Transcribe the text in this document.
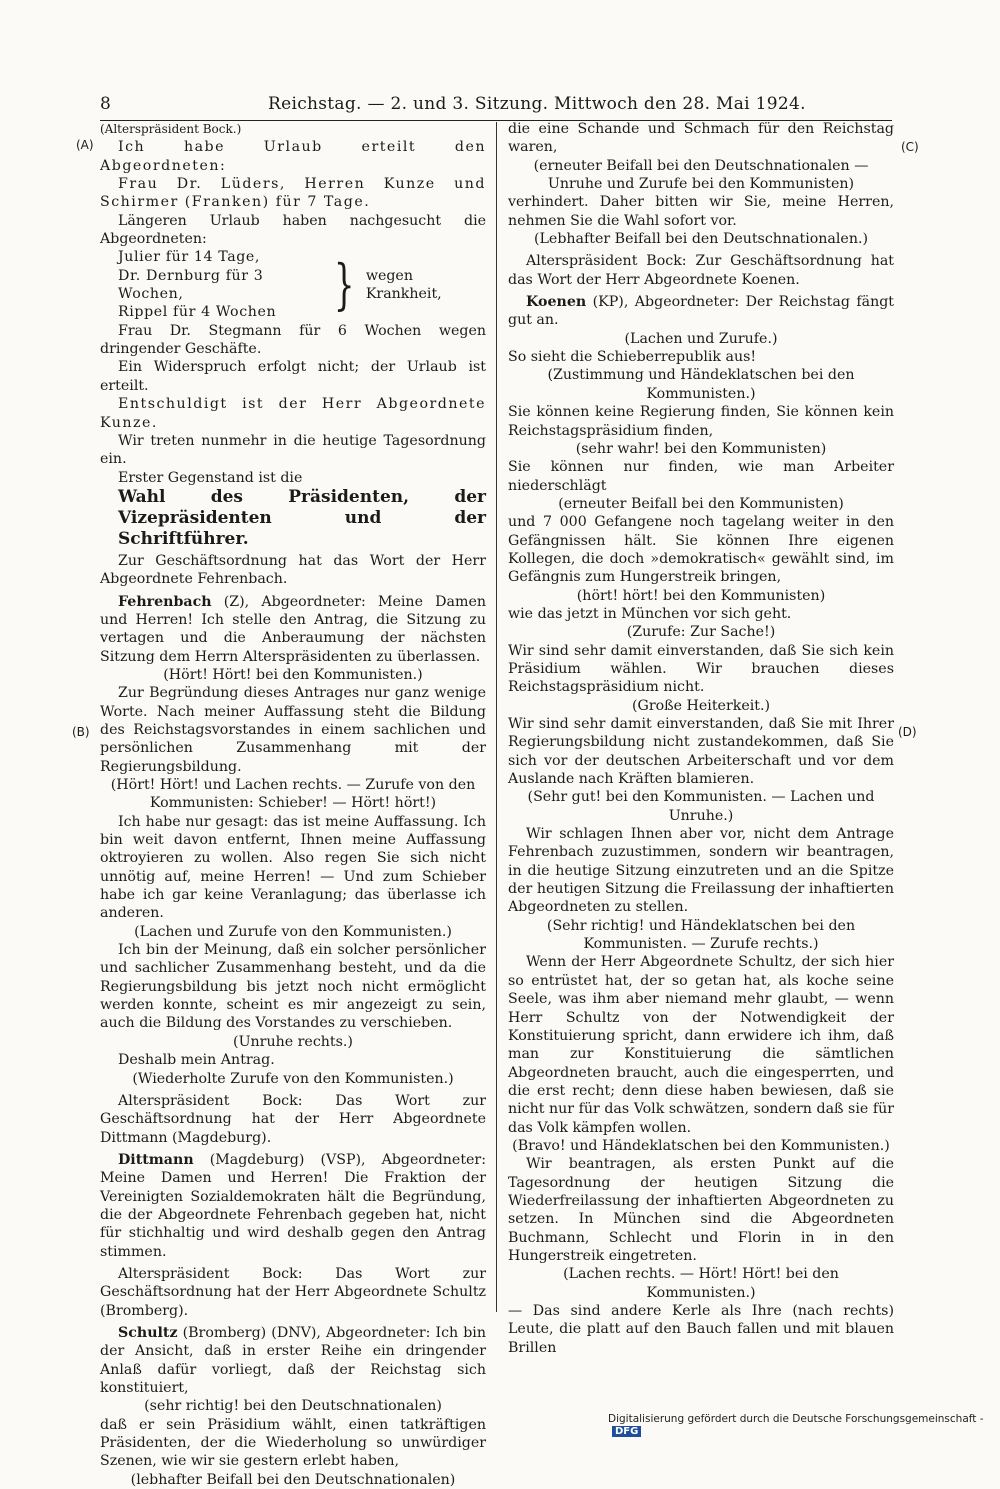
8	Reichstag. — 2. und 3. Sitzung. Mittwoch den 28. Mai 1924.
(A)
(B)
(C)
(D)

(Alterspräsident Bock.)

Ich habe Urlaub erteilt den Abgeordneten:

Frau Dr. Lüders, Herren Kunze und Schirmer (Franken) für 7 Tage.

Längeren Urlaub haben nachgesucht die Abgeordneten:

Julier für 14 Tage,
Dr. Dernburg für 3 Wochen,
Rippel für 4 Wochen	} wegen Krankheit,

Frau Dr. Stegmann für 6 Wochen wegen dringender Geschäfte.

Ein Widerspruch erfolgt nicht; der Urlaub ist erteilt.

Entschuldigt ist der Herr Abgeordnete Kunze.

Wir treten nunmehr in die heutige Tagesordnung ein.

Erster Gegenstand ist die

Wahl des Präsidenten, der Vizepräsidenten und der Schriftführer.

Zur Geschäftsordnung hat das Wort der Herr Abgeordnete Fehrenbach.

Fehrenbach (Z), Abgeordneter: Meine Damen und Herren! Ich stelle den Antrag, die Sitzung zu vertagen und die Anberaumung der nächsten Sitzung dem Herrn Alterspräsidenten zu überlassen.

(Hört! Hört! bei den Kommunisten.)

Zur Begründung dieses Antrages nur ganz wenige Worte. Nach meiner Auffassung steht die Bildung des Reichstagsvorstandes in einem sachlichen und persönlichen Zusammenhang mit der Regierungsbildung.

(Hört! Hört! und Lachen rechts. — Zurufe von den Kommunisten: Schieber! — Hört! hört!)

Ich habe nur gesagt: das ist meine Auffassung. Ich bin weit davon entfernt, Ihnen meine Auffassung oktroyieren zu wollen. Also regen Sie sich nicht unnötig auf, meine Herren! — Und zum Schieber habe ich gar keine Veranlagung; das überlasse ich anderen.

(Lachen und Zurufe von den Kommunisten.)

Ich bin der Meinung, daß ein solcher persönlicher und sachlicher Zusammenhang besteht, und da die Regierungsbildung bis jetzt noch nicht ermöglicht werden konnte, scheint es mir angezeigt zu sein, auch die Bildung des Vorstandes zu verschieben.

(Unruhe rechts.)

Deshalb mein Antrag.

(Wiederholte Zurufe von den Kommunisten.)

Alterspräsident Bock: Das Wort zur Geschäftsordnung hat der Herr Abgeordnete Dittmann (Magdeburg).

Dittmann (Magdeburg) (VSP), Abgeordneter: Meine Damen und Herren! Die Fraktion der Vereinigten Sozialdemokraten hält die Begründung, die der Abgeordnete Fehrenbach gegeben hat, nicht für stichhaltig und wird deshalb gegen den Antrag stimmen.

Alterspräsident Bock: Das Wort zur Geschäftsordnung hat der Herr Abgeordnete Schultz (Bromberg).

Schultz (Bromberg) (DNV), Abgeordneter: Ich bin der Ansicht, daß in erster Reihe ein dringender Anlaß dafür vorliegt, daß der Reichstag sich konstituiert,

(sehr richtig! bei den Deutschnationalen)

daß er sein Präsidium wählt, einen tatkräftigen Präsidenten, der die Wiederholung so unwürdiger Szenen, wie wir sie gestern erlebt haben,

(lebhafter Beifall bei den Deutschnationalen)

die eine Schande und Schmach für den Reichstag waren,

(erneuter Beifall bei den Deutschnationalen — Unruhe und Zurufe bei den Kommunisten)

verhindert. Daher bitten wir Sie, meine Herren, nehmen Sie die Wahl sofort vor.

(Lebhafter Beifall bei den Deutschnationalen.)

Alterspräsident Bock: Zur Geschäftsordnung hat das Wort der Herr Abgeordnete Koenen.

Koenen (KP), Abgeordneter: Der Reichstag fängt gut an.

(Lachen und Zurufe.)

So sieht die Schieberrepublik aus!

(Zustimmung und Händeklatschen bei den Kommunisten.)

Sie können keine Regierung finden, Sie können kein Reichstagspräsidium finden,

(sehr wahr! bei den Kommunisten)

Sie können nur finden, wie man Arbeiter niederschlägt

(erneuter Beifall bei den Kommunisten)

und 7 000 Gefangene noch tagelang weiter in den Gefängnissen hält. Sie können Ihre eigenen Kollegen, die doch »demokratisch« gewählt sind, im Gefängnis zum Hungerstreik bringen,

(hört! hört! bei den Kommunisten)

wie das jetzt in München vor sich geht.

(Zurufe: Zur Sache!)

Wir sind sehr damit einverstanden, daß Sie sich kein Präsidium wählen. Wir brauchen dieses Reichstagspräsidium nicht.

(Große Heiterkeit.)

Wir sind sehr damit einverstanden, daß Sie mit Ihrer Regierungsbildung nicht zustandekommen, daß Sie sich vor der deutschen Arbeiterschaft und vor dem Auslande nach Kräften blamieren.

(Sehr gut! bei den Kommunisten. — Lachen und Unruhe.)

Wir schlagen Ihnen aber vor, nicht dem Antrage Fehrenbach zuzustimmen, sondern wir beantragen, in die heutige Sitzung einzutreten und an die Spitze der heutigen Sitzung die Freilassung der inhaftierten Abgeordneten zu stellen.

(Sehr richtig! und Händeklatschen bei den Kommunisten. — Zurufe rechts.)

Wenn der Herr Abgeordnete Schultz, der sich hier so entrüstet hat, der so getan hat, als koche seine Seele, was ihm aber niemand mehr glaubt, — wenn Herr Schultz von der Notwendigkeit der Konstituierung spricht, dann erwidere ich ihm, daß man zur Konstituierung die sämtlichen Abgeordneten braucht, auch die eingesperrten, und die erst recht; denn diese haben bewiesen, daß sie nicht nur für das Volk schwätzen, sondern daß sie für das Volk kämpfen wollen.

(Bravo! und Händeklatschen bei den Kommunisten.)

Wir beantragen, als ersten Punkt auf die Tagesordnung der heutigen Sitzung die Wiederfreilassung der inhaftierten Abgeordneten zu setzen. In München sind die Abgeordneten Buchmann, Schlecht und Florin in in den Hungerstreik eingetreten.

(Lachen rechts. — Hört! Hört! bei den Kommunisten.)

— Das sind andere Kerle als Ihre (nach rechts) Leute, die platt auf den Bauch fallen und mit blauen Brillen

Digitalisierung gefördert durch die Deutsche Forschungsgemeinschaft - DFG
